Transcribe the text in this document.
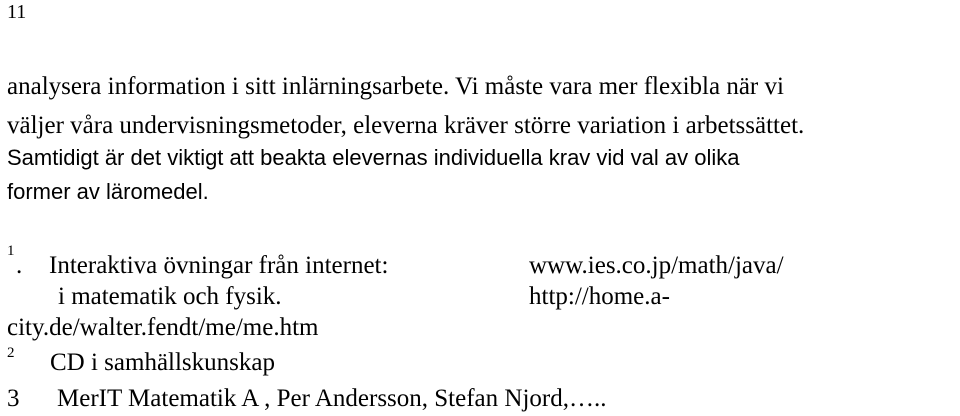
11
analysera information i sitt inlärningsarbete. Vi måste vara mer flexibla när vi
väljer våra undervisningsmetoder, eleverna kräver större variation i arbetssättet.
Samtidigt är det viktigt att beakta elevernas individuella krav vid val av olika
former av läromedel.
1
. Interaktiva övningar från internet:	www.ies.co.jp/math/java/
i matematik och fysik.	http://home.a-
city.de/walter.fendt/me/me.htm
2 CD i samhällskunskap
3 MerIT Matematik A , Per Andersson, Stefan Njord,…..
